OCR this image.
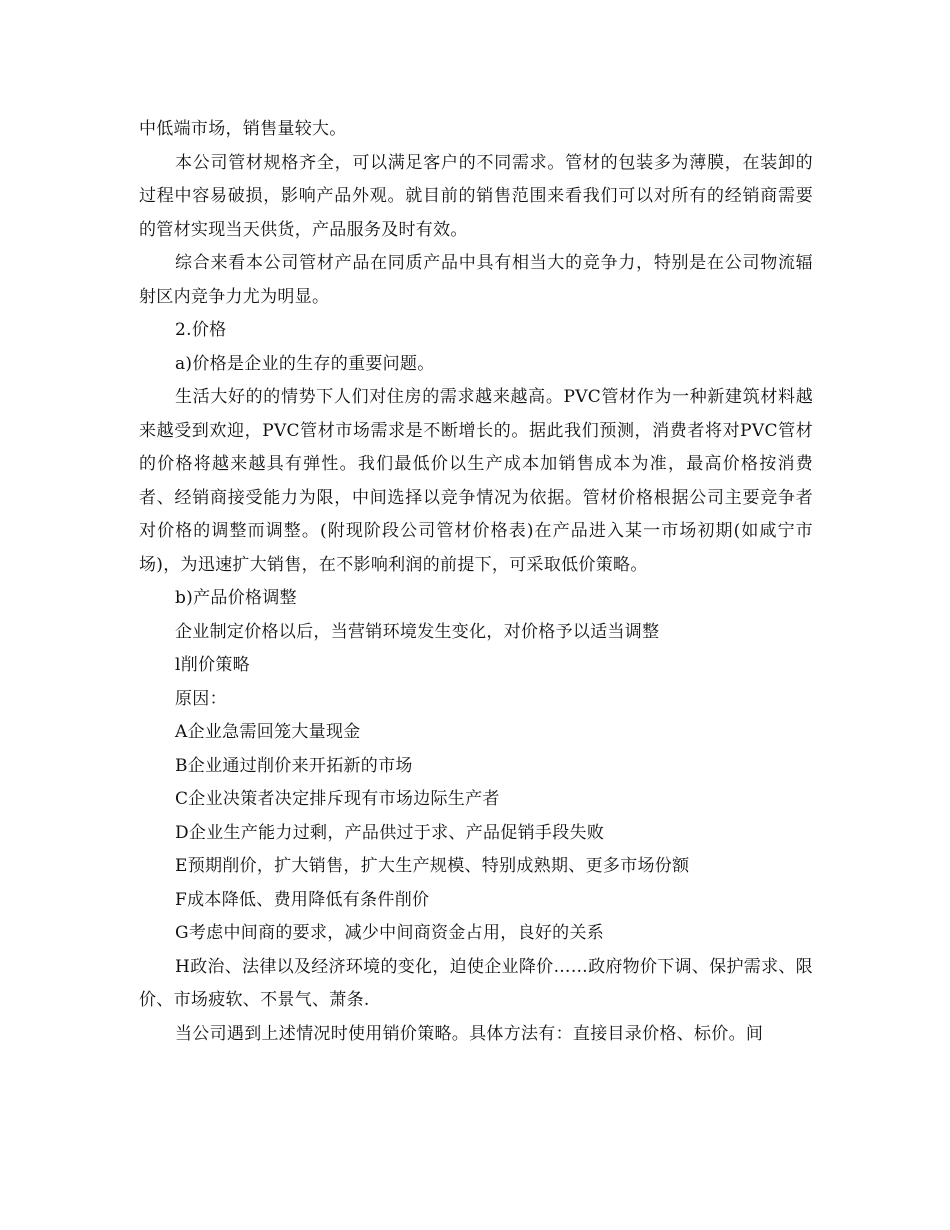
中低端市场，销售量较大。

本公司管材规格齐全，可以满足客户的不同需求。管材的包装多为薄膜，在装卸的过程中容易破损，影响产品外观。就目前的销售范围来看我们可以对所有的经销商需要的管材实现当天供货，产品服务及时有效。

综合来看本公司管材产品在同质产品中具有相当大的竞争力，特别是在公司物流辐射区内竞争力尤为明显。

2.价格

a)价格是企业的生存的重要问题。

生活大好的的情势下人们对住房的需求越来越高。PVC管材作为一种新建筑材料越来越受到欢迎，PVC管材市场需求是不断增长的。据此我们预测，消费者将对PVC管材的价格将越来越具有弹性。我们最低价以生产成本加销售成本为准，最高价格按消费者、经销商接受能力为限，中间选择以竞争情况为依据。管材价格根据公司主要竞争者对价格的调整而调整。(附现阶段公司管材价格表)在产品进入某一市场初期(如咸宁市场)，为迅速扩大销售，在不影响利润的前提下，可采取低价策略。

b)产品价格调整

企业制定价格以后，当营销环境发生变化，对价格予以适当调整

l削价策略

原因：

A企业急需回笼大量现金

B企业通过削价来开拓新的市场

C企业决策者决定排斥现有市场边际生产者

D企业生产能力过剩，产品供过于求、产品促销手段失败

E预期削价，扩大销售，扩大生产规模、特别成熟期、更多市场份额

F成本降低、费用降低有条件削价

G考虑中间商的要求，减少中间商资金占用，良好的关系

H政治、法律以及经济环境的变化，迫使企业降价……政府物价下调、保护需求、限价、市场疲软、不景气、萧条.

当公司遇到上述情况时使用销价策略。具体方法有：直接目录价格、标价。间
